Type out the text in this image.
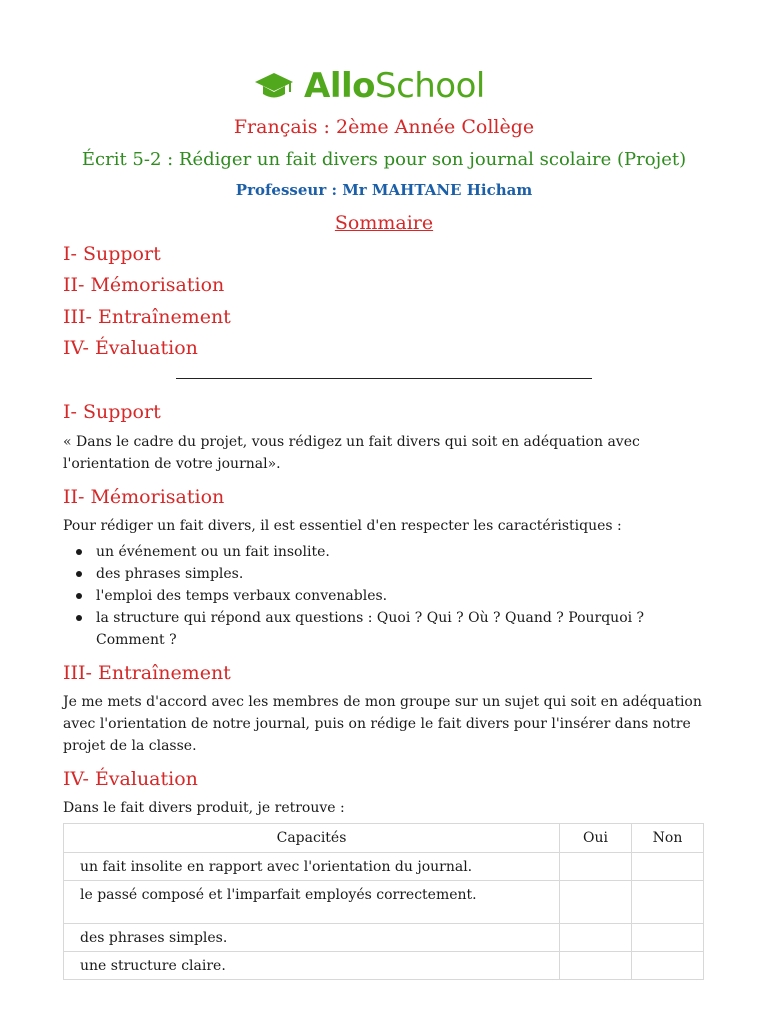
AlloSchool
Français : 2ème Année Collège
Écrit 5-2 : Rédiger un fait divers pour son journal scolaire (Projet)
Professeur : Mr MAHTANE Hicham
Sommaire
I- Support
II- Mémorisation
III- Entraînement
IV- Évaluation
I- Support
« Dans le cadre du projet, vous rédigez un fait divers qui soit en adéquation avec l'orientation de votre journal».
II- Mémorisation
Pour rédiger un fait divers, il est essentiel d'en respecter les caractéristiques :
un événement ou un fait insolite.
des phrases simples.
l'emploi des temps verbaux convenables.
la structure qui répond aux questions : Quoi ? Qui ? Où ? Quand ? Pourquoi ? Comment ?
III- Entraînement
Je me mets d'accord avec les membres de mon groupe sur un sujet qui soit en adéquation avec l'orientation de notre journal, puis on rédige le fait divers pour l'insérer dans notre projet de la classe.
IV- Évaluation
Dans le fait divers produit, je retrouve :
Capacités	Oui	Non
un fait insolite en rapport avec l'orientation du journal.		
le passé composé et l'imparfait employés correctement.		
des phrases simples.		
une structure claire.		
